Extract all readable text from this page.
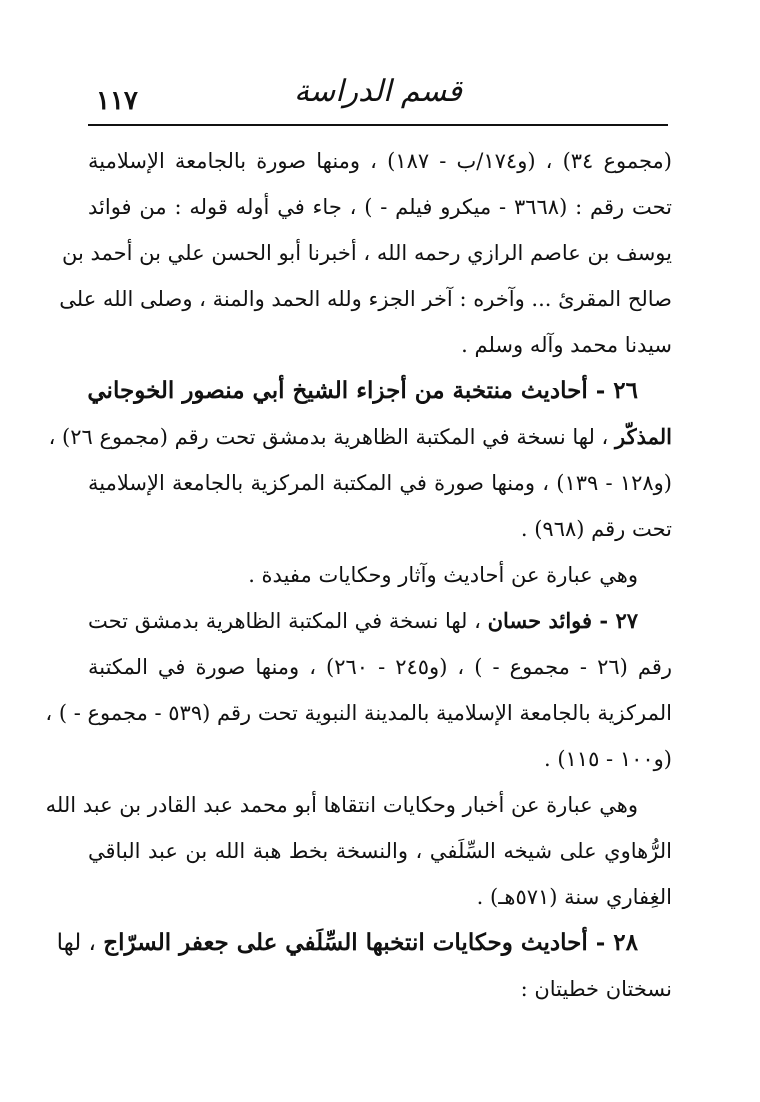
١١٧	قسم الدراسة
(مجموع ٣٤) ، (و١٧٤/ب - ١٨٧) ، ومنها صورة بالجامعة الإسلامية
تحت رقم : (٣٦٦٨ - ميكرو فيلم - ) ، جاء في أوله قوله : من فوائد
يوسف بن عاصم الرازي رحمه الله ، أخبرنا أبو الحسن علي بن أحمد بن
صالح المقرئ ... وآخره : آخر الجزء ولله الحمد والمنة ، وصلى الله على
سيدنا محمد وآله وسلم .
٢٦ - أحاديث منتخبة من أجزاء الشيخ أبي منصور الخوجاني
المذكّر ، لها نسخة في المكتبة الظاهرية بدمشق تحت رقم (مجموع ٢٦) ،
(و١٢٨ - ١٣٩) ، ومنها صورة في المكتبة المركزية بالجامعة الإسلامية
تحت رقم (٩٦٨) .
وهي عبارة عن أحاديث وآثار وحكايات مفيدة .
٢٧ - فوائد حسان ، لها نسخة في المكتبة الظاهرية بدمشق تحت
رقم (٢٦ - مجموع - ) ، (و٢٤٥ - ٢٦٠) ، ومنها صورة في المكتبة
المركزية بالجامعة الإسلامية بالمدينة النبوية تحت رقم (٥٣٩ - مجموع - ) ،
(و١٠٠ - ١١٥) .
وهي عبارة عن أخبار وحكايات انتقاها أبو محمد عبد القادر بن عبد الله
الرُّهاوي على شيخه السِّلَفي ، والنسخة بخط هبة الله بن عبد الباقي
الغِفاري سنة (٥٧١هـ) .
٢٨ - أحاديث وحكايات انتخبها السِّلَفي على جعفر السرّاج ، لها
نسختان خطيتان :
